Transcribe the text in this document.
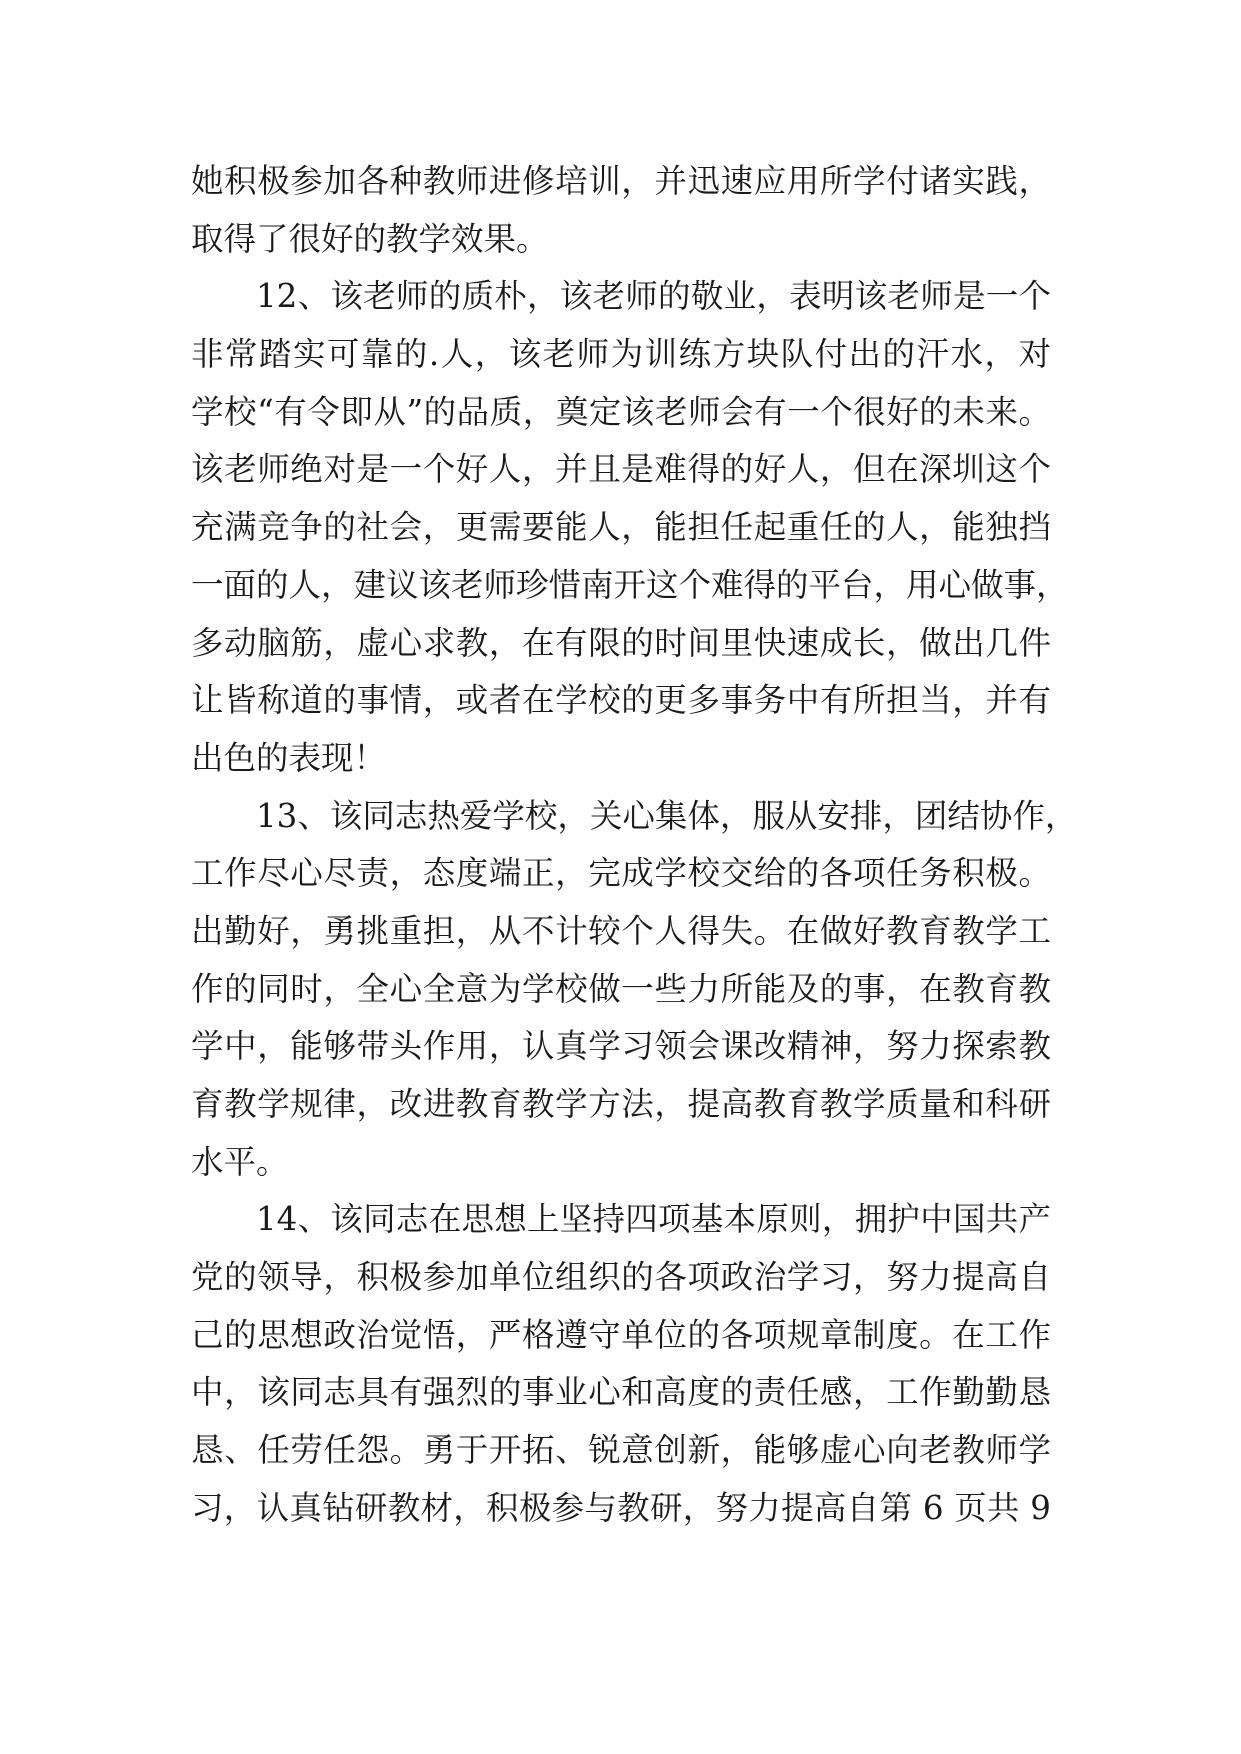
她积极参加各种教师进修培训，并迅速应用所学付诸实践，
取得了很好的教学效果。
12、该老师的质朴，该老师的敬业，表明该老师是一个
非常踏实可靠的.人，该老师为训练方块队付出的汗水，对
学校“有令即从”的品质，奠定该老师会有一个很好的未来。
该老师绝对是一个好人，并且是难得的好人，但在深圳这个
充满竞争的社会，更需要能人，能担任起重任的人，能独挡
一面的人，建议该老师珍惜南开这个难得的平台，用心做事，
多动脑筋，虚心求教，在有限的时间里快速成长，做出几件
让皆称道的事情，或者在学校的更多事务中有所担当，并有
出色的表现！
13、该同志热爱学校，关心集体，服从安排，团结协作，
工作尽心尽责，态度端正，完成学校交给的各项任务积极。
出勤好，勇挑重担，从不计较个人得失。在做好教育教学工
作的同时，全心全意为学校做一些力所能及的事，在教育教
学中，能够带头作用，认真学习领会课改精神，努力探索教
育教学规律，改进教育教学方法，提高教育教学质量和科研
水平。
14、该同志在思想上坚持四项基本原则，拥护中国共产
党的领导，积极参加单位组织的各项政治学习，努力提高自
己的思想政治觉悟，严格遵守单位的各项规章制度。在工作
中，该同志具有强烈的事业心和高度的责任感，工作勤勤恳
恳、任劳任怨。勇于开拓、锐意创新，能够虚心向老教师学
习，认真钻研教材，积极参与教研，努力提高自第 6 页共 9
